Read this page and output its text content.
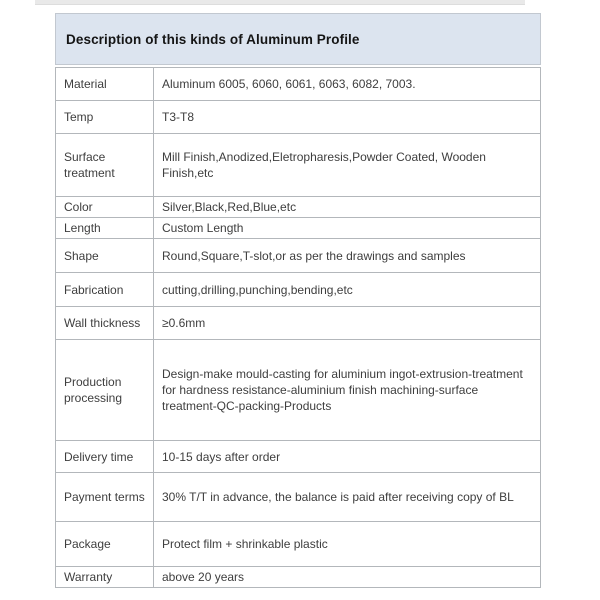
Description of this kinds of Aluminum Profile
Material	Aluminum 6005, 6060, 6061, 6063, 6082, 7003.
Temp	T3-T8
Surface treatment	Mill Finish,Anodized,Eletropharesis,Powder Coated, Wooden Finish,etc
Color	Silver,Black,Red,Blue,etc
Length	Custom Length
Shape	Round,Square,T-slot,or as per the drawings and samples
Fabrication	cutting,drilling,punching,bending,etc
Wall thickness	≥0.6mm
Production processing	Design-make mould-casting for aluminium ingot-extrusion-treatment for hardness resistance-aluminium finish machining-surface treatment-QC-packing-Products
Delivery time	10-15 days after order
Payment terms	30% T/T in advance, the balance is paid after receiving copy of BL
Package	Protect film + shrinkable plastic
Warranty	above 20 years
